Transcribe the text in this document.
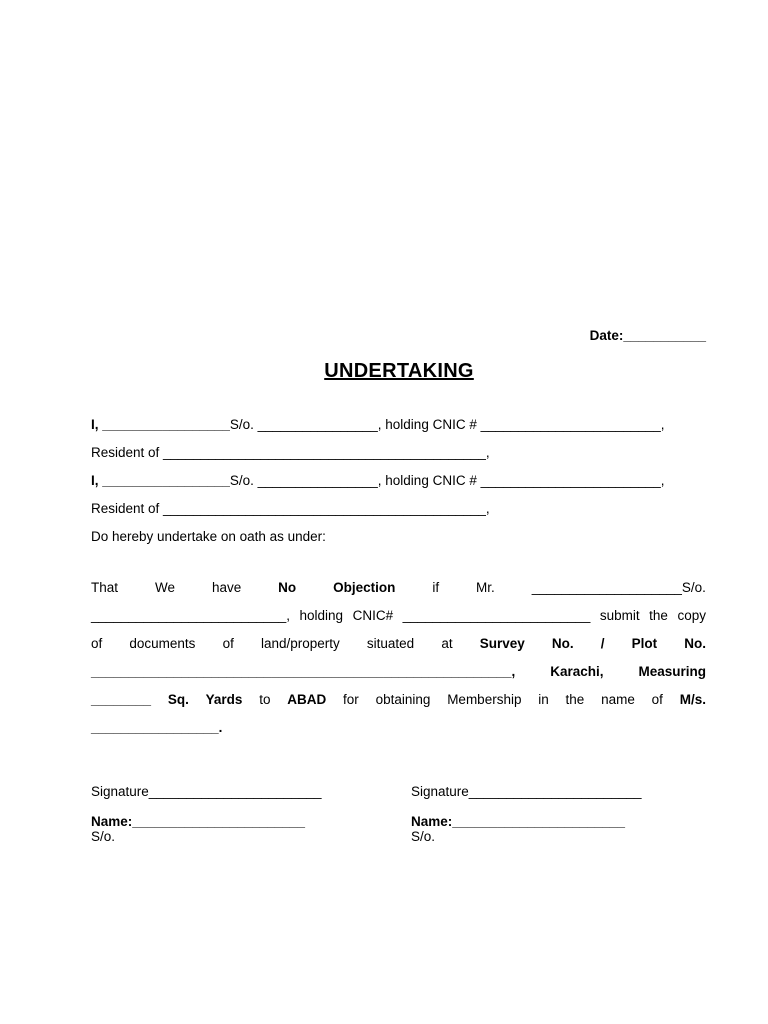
Date:___________
UNDERTAKING
I, _________________S/o. ________________, holding CNIC # ________________________,
Resident of ___________________________________________,
I, _________________S/o. ________________, holding CNIC # ________________________,
Resident of ___________________________________________,
Do hereby undertake on oath as under:
That	We	have	No	Objection	if	Mr.	____________________S/o.
__________________________, holding CNIC# _________________________ submit the copy
of documents of land/property situated at Survey No. / Plot No.
________________________________________________________,	Karachi,	Measuring
________ Sq. Yards to ABAD for obtaining Membership in the name of M/s.
_________________.
Signature_______________________
Name:_______________________
S/o.
Signature_______________________
Name:_______________________
S/o.
